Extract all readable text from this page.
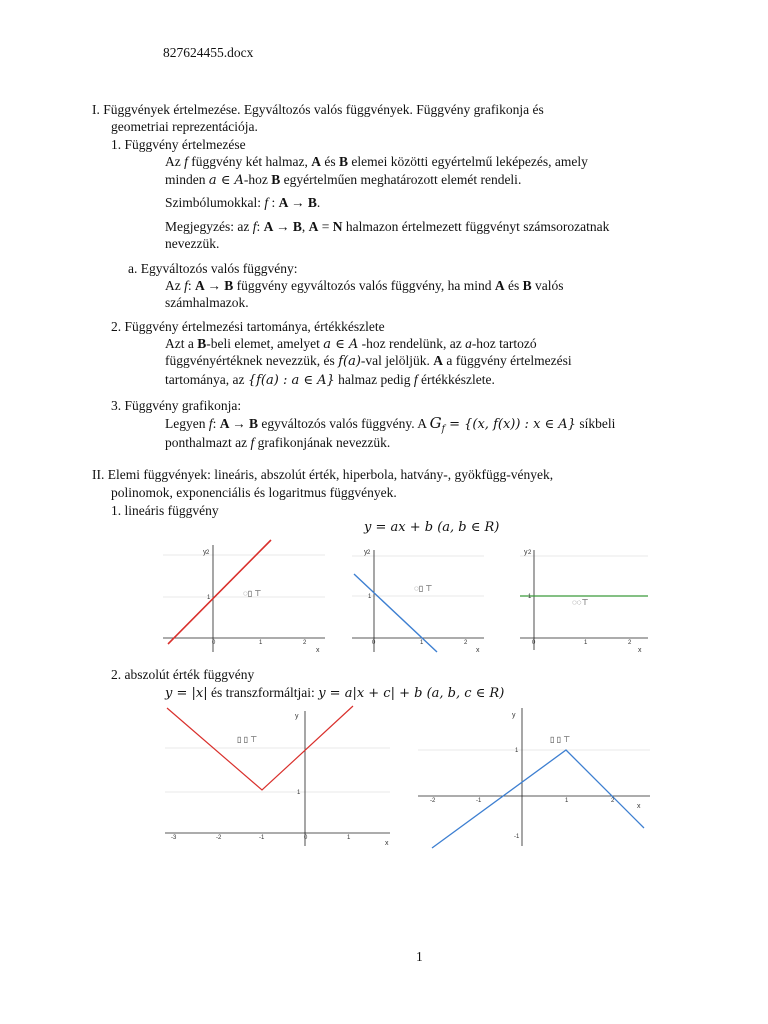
827624455.docx
I. Függvények értelmezése. Egyváltozós valós függvények. Függvény grafikonja és
geometriai reprezentációja.
1. Függvény értelmezése
Az f függvény két halmaz, A és B elemei közötti egyértelmű leképezés, amely
minden a ∈ A-hoz B egyértelműen meghatározott elemét rendeli.
Szimbólumokkal: f : A → B.
Megjegyzés: az f: A → B, A = N halmazon értelmezett függvényt számsorozatnak
nevezzük.
a. Egyváltozós valós függvény:
Az f: A → B függvény egyváltozós valós függvény, ha mind A és B valós
számhalmazok.
2. Függvény értelmezési tartománya, értékkészlete
Azt a B-beli elemet, amelyet a ∈ A -hoz rendelünk, az a-hoz tartozó
függvényértéknek nevezzük, és f(a)-val jelöljük. A a függvény értelmezési
tartománya, az {f(a) : a ∈ A} halmaz pedig f értékkészlete.
3. Függvény grafikonja:
Legyen f: A → B egyváltozós valós függvény. A $G_f = \{(x$, f(x)) : x ∈ A} síkbeli
ponthalmazt az f grafikonjának nevezzük.
II. Elemi függvények: lineáris, abszolút érték, hiperbola, hatvány-, gyökfügg-vények,
polinomok, exponenciális és logaritmus függvények.
1. lineáris függvény
y = ax + b (a, b ∈ R)
y 2
1
0	1	2
x
◌▯ ⊤
y 2
1
0	1	2
x
◌▯ ⊤
y 2
1
0	1	2
x
◌◌⊤
2. abszolút érték függvény
y = |x| és transzformáltjai: y = a|x + c| + b (a, b, c ∈ R)
y
1
-3	-2	-1	0	1
x
▯ ▯ ⊤
y
1
-1
-2	-1	1	2
x
▯ ▯ ⊤
1
